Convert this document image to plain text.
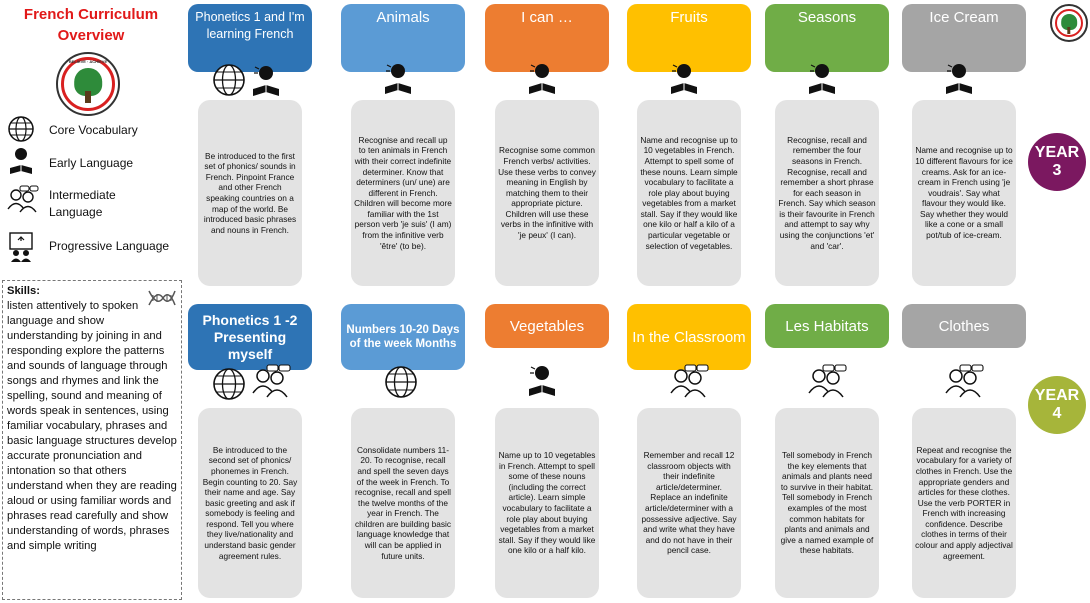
French Curriculum
Overview
BELIEVE · ACHIEVE
Core Vocabulary
Early Language
Intermediate
Language
Progressive Language
Skills:
listen attentively to spoken language and show understanding by joining in and responding explore the patterns and sounds of language through songs and rhymes and link the spelling, sound and meaning of words speak in sentences, using familiar vocabulary, phrases and basic language structures develop accurate pronunciation and intonation so that others understand when they are reading aloud or using familiar words and phrases read carefully and show understanding of words, phrases and simple writing
Phonetics 1 and I'm learning French
Be introduced to the first set of phonics/ sounds in French. Pinpoint France and other French speaking countries on a map of the world. Be introduced basic phrases and nouns in French.
Animals
Recognise and recall up to ten animals in French with their correct indefinite determiner. Know that determiners (un/ une) are different in French. Children will become more familiar with the 1st person verb 'je suis' (I am) from the infinitive verb 'être' (to be).
I can …
Recognise some common French verbs/ activities. Use these verbs to convey meaning in English by matching them to their appropriate picture. Children will use these verbs in the infinitive with 'je peux' (I can).
Fruits
Name and recognise up to 10 vegetables in French. Attempt to spell some of these nouns. Learn simple vocabulary to facilitate a role play about buying vegetables from a market stall. Say if they would like one kilo or half a kilo of a particular vegetable or selection of vegetables.
Seasons
Recognise, recall and remember the four seasons in French. Recognise, recall and remember a short phrase for each season in French. Say which season is their favourite in French and attempt to say why using the conjunctions 'et' and 'car'.
Ice Cream
Name and recognise up to 10 different flavours for ice creams. Ask for an ice-cream in French using 'je voudrais'. Say what flavour they would like. Say whether they would like a cone or a small pot/tub of ice-cream.
Phonetics 1 -2 Presenting myself
Be introduced to the second set of phonics/ phonemes in French. Begin counting to 20. Say their name and age. Say basic greeting and ask if somebody is feeling and respond. Tell you where they live/nationality and understand basic gender agreement rules.
Numbers 10-20 Days of the week Months
Consolidate numbers 11-20. To recognise, recall and spell the seven days of the week in French. To recognise, recall and spell the twelve months of the year in French. The children are building basic language knowledge that will can be applied in future units.
Vegetables
Name up to 10 vegetables in French. Attempt to spell some of these nouns (including the correct article). Learn simple vocabulary to facilitate a role play about buying vegetables from a market stall. Say if they would like one kilo or a half kilo.
In the Classroom
Remember and recall 12 classroom objects with their indefinite article/determiner. Replace an indefinite article/determiner with a possessive adjective. Say and write what they have and do not have in their pencil case.
Les Habitats
Tell somebody in French the key elements that animals and plants need to survive in their habitat. Tell somebody in French examples of the most common habitats for plants and animals and give a named example of these habitats.
Clothes
Repeat and recognise the vocabulary for a variety of clothes in French. Use the appropriate genders and articles for these clothes. Use the verb PORTER in French with increasing confidence. Describe clothes in terms of their colour and apply adjectival agreement.
YEAR
3
YEAR
4
